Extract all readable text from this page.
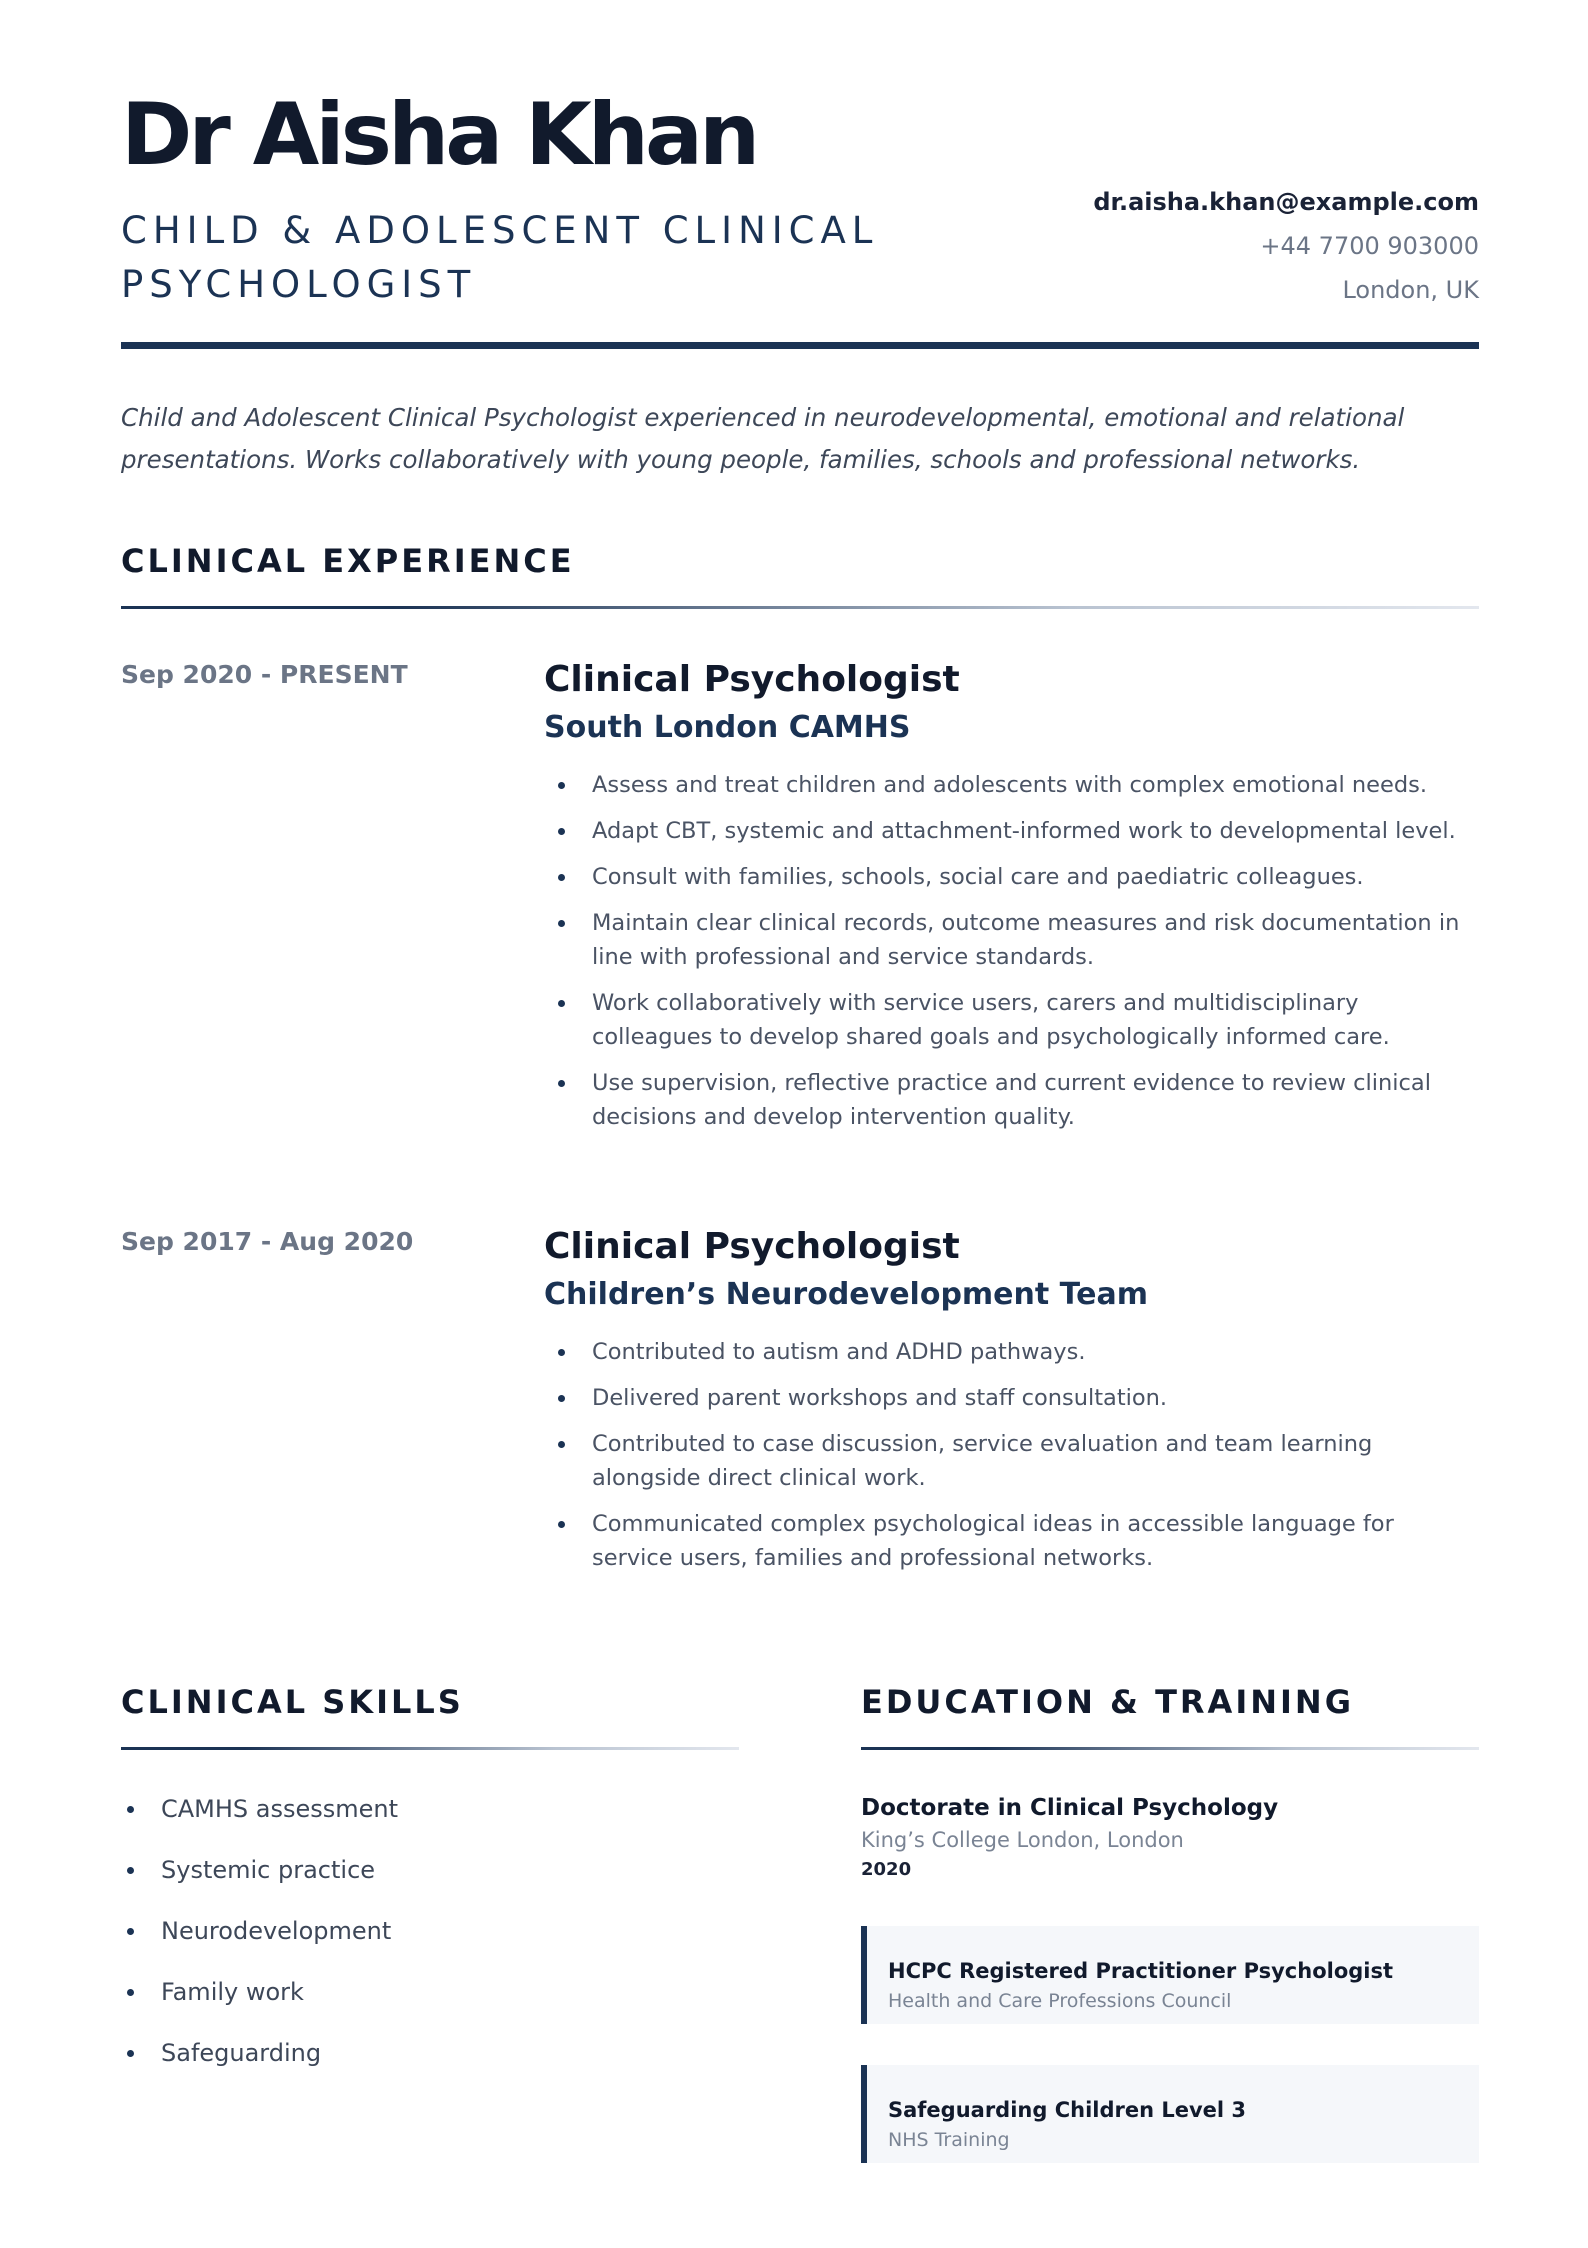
Dr Aisha Khan
CHILD & ADOLESCENT CLINICAL PSYCHOLOGIST
dr.aisha.khan@example.com
+44 7700 903000
London, UK

Child and Adolescent Clinical Psychologist experienced in neurodevelopmental, emotional and relational presentations. Works collaboratively with young people, families, schools and professional networks.

CLINICAL EXPERIENCE
Sep 2020 - PRESENT	Clinical Psychologist
South London CAMHS
Assess and treat children and adolescents with complex emotional needs.
Adapt CBT, systemic and attachment-informed work to developmental level.
Consult with families, schools, social care and paediatric colleagues.
Maintain clear clinical records, outcome measures and risk documentation in line with professional and service standards.
Work collaboratively with service users, carers and multidisciplinary colleagues to develop shared goals and psychologically informed care.
Use supervision, reflective practice and current evidence to review clinical decisions and develop intervention quality.
Sep 2017 - Aug 2020	Clinical Psychologist
Children’s Neurodevelopment Team
Contributed to autism and ADHD pathways.
Delivered parent workshops and staff consultation.
Contributed to case discussion, service evaluation and team learning alongside direct clinical work.
Communicated complex psychological ideas in accessible language for service users, families and professional networks.
CLINICAL SKILLS
CAMHS assessment
Systemic practice
Neurodevelopment
Family work
Safeguarding
EDUCATION & TRAINING
Doctorate in Clinical Psychology
King’s College London, London
2020
HCPC Registered Practitioner Psychologist
Health and Care Professions Council
Safeguarding Children Level 3
NHS Training
